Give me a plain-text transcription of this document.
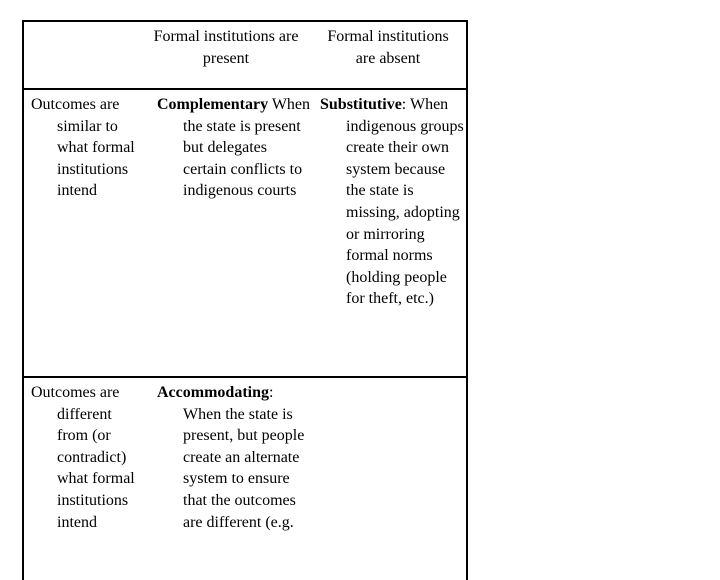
Formal institutions are present
Formal institutions are absent
Outcomes are similar to what formal institutions intend
Complementary When the state is present but delegates certain conflicts to indigenous courts
Substitutive: When indigenous groups create their own system because the state is missing, adopting or mirroring formal norms (holding people for theft, etc.)
Outcomes are different from (or contradict) what formal institutions intend
Accommodating: When the state is present, but people create an alternate system to ensure that the outcomes are different (e.g.
